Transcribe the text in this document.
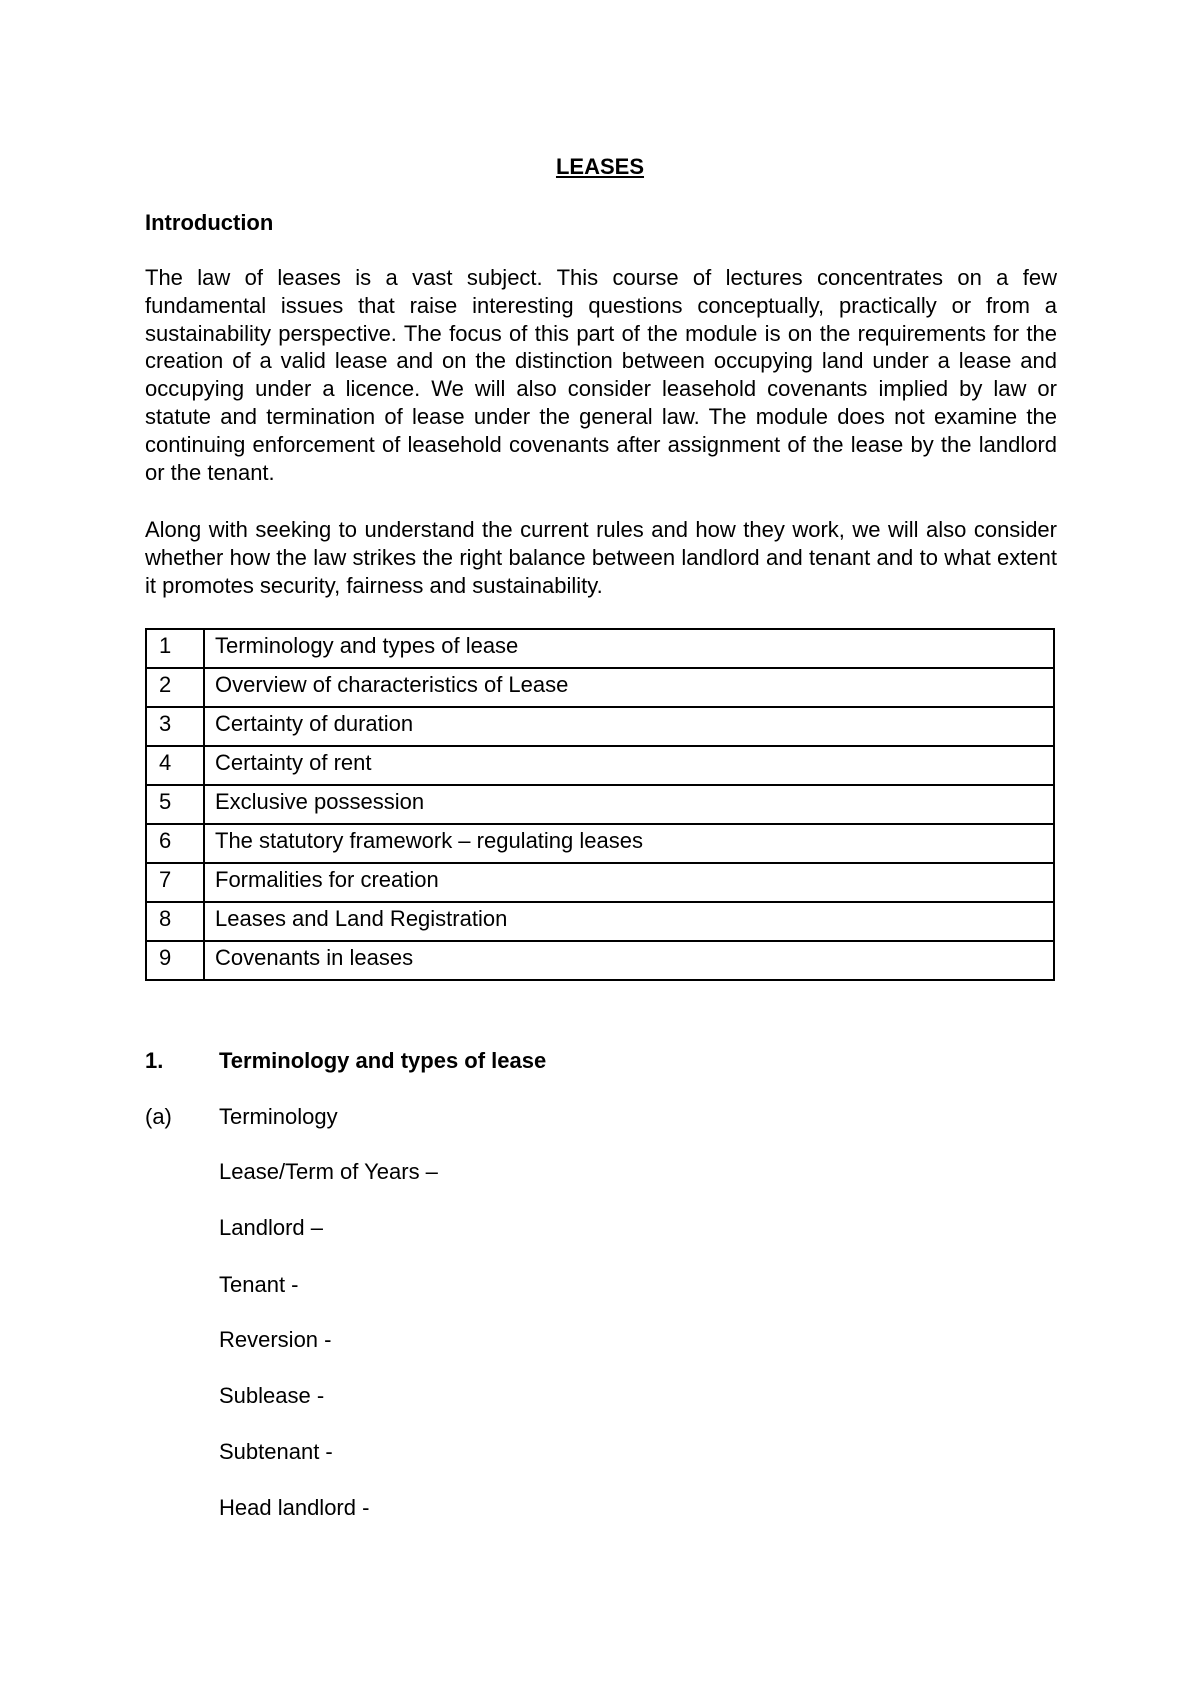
LEASES
Introduction

The law of leases is a vast subject. This course of lectures concentrates on a few fundamental issues that raise interesting questions conceptually, practically or from a sustainability perspective. The focus of this part of the module is on the requirements for the creation of a valid lease and on the distinction between occupying land under a lease and occupying under a licence. We will also consider leasehold covenants implied by law or statute and termination of lease under the general law. The module does not examine the continuing enforcement of leasehold covenants after assignment of the lease by the landlord or the tenant.

Along with seeking to understand the current rules and how they work, we will also consider whether how the law strikes the right balance between landlord and tenant and to what extent it promotes security, fairness and sustainability.

1	Terminology and types of lease
2	Overview of characteristics of Lease
3	Certainty of duration
4	Certainty of rent
5	Exclusive possession
6	The statutory framework – regulating leases
7	Formalities for creation
8	Leases and Land Registration
9	Covenants in leases
1.	Terminology and types of lease
(a) Terminology
Lease/Term of Years –
Landlord –
Tenant -
Reversion -
Sublease -
Subtenant -
Head landlord -
